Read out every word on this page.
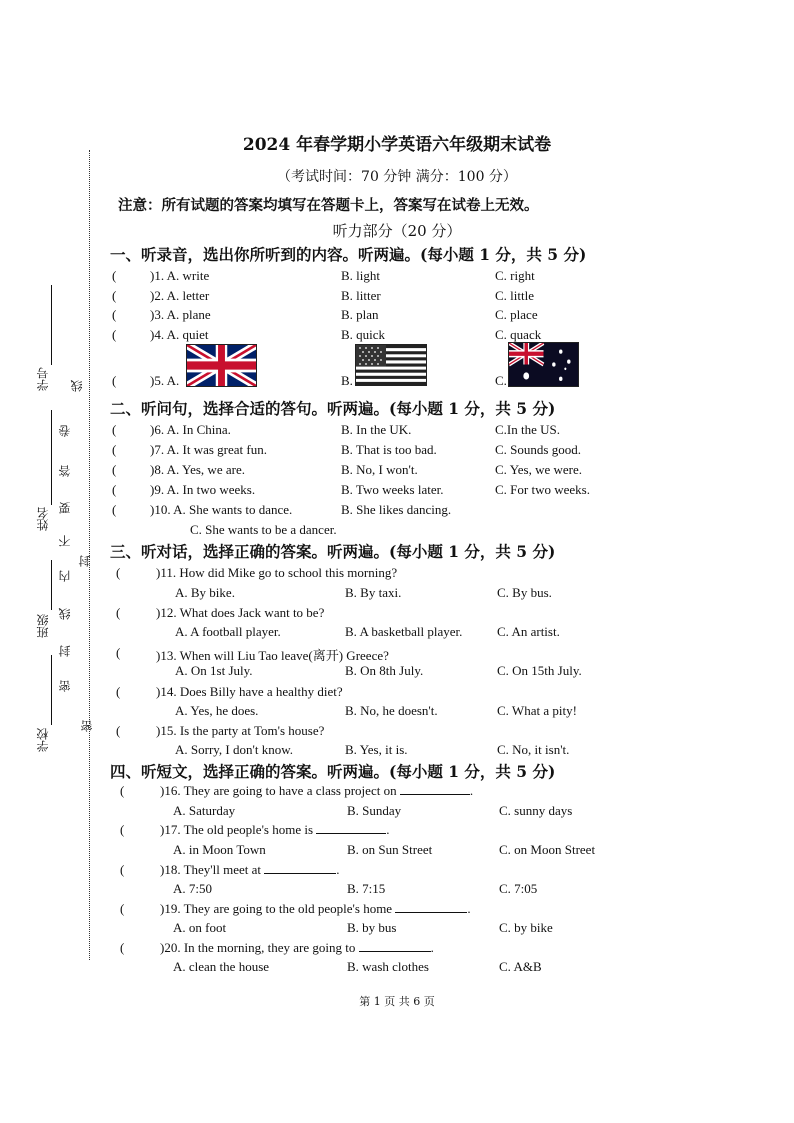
学号
姓名
班级
学校
线
卷
答
要
不
内
封
线
封
密
密
2024 年春学期小学英语六年级期末试卷
（考试时间：70 分钟 满分：100 分）
注意：所有试题的答案均填写在答题卡上，答案写在试卷上无效。
听力部分（20 分）
一、听录音，选出你所听到的内容。听两遍。(每小题 1 分，共 5 分)
(	)1. A. write	B. light	C. right
(	)2. A. letter	B. litter	C. little
(	)3. A. plane	B. plan	C. place
(	)4. A. quiet	B. quick	C. quack
(	)5. A.	B.	C.
二、听问句，选择合适的答句。听两遍。(每小题 1 分，共 5 分)
(	)6. A. In China.	B. In the UK.	C.In the US.
(	)7. A. It was great fun.	B. That is too bad.	C. Sounds good.
(	)8. A. Yes, we are.	B. No, I won't.	C. Yes, we were.
(	)9. A. In two weeks.	B. Two weeks later.	C. For two weeks.
(	)10. A. She wants to dance.	B. She likes dancing.
C. She wants to be a dancer.
三、听对话，选择正确的答案。听两遍。(每小题 1 分，共 5 分)
(	)11. How did Mike go to school this morning?
A. By bike.	B. By taxi.	C. By bus.
(	)12. What does Jack want to be?
A. A football player.	B. A basketball player.	C. An artist.
(	)13. When will Liu Tao leave(离开) Greece?
A. On 1st July.	B. On 8th July.	C. On 15th July.
(	)14. Does Billy have a healthy diet?
A. Yes, he does.	B. No, he doesn't.	C. What a pity!
(	)15. Is the party at Tom's house?
A. Sorry, I don't know.	B. Yes, it is.	C. No, it isn't.
四、听短文，选择正确的答案。听两遍。(每小题 1 分，共 5 分)
(	)16. They are going to have a class project on	.
A. Saturday	B. Sunday	C. sunny days
(	)17. The old people's home is	.
A. in Moon Town	B. on Sun Street	C. on Moon Street
(	)18. They'll meet at	.
A. 7:50	B. 7:15	C. 7:05
(	)19. They are going to the old people's home	.
A. on foot	B. by bus	C. by bike
(	)20. In the morning, they are going to	.
A. clean the house	B. wash clothes	C. A&B
第 1 页 共 6 页
